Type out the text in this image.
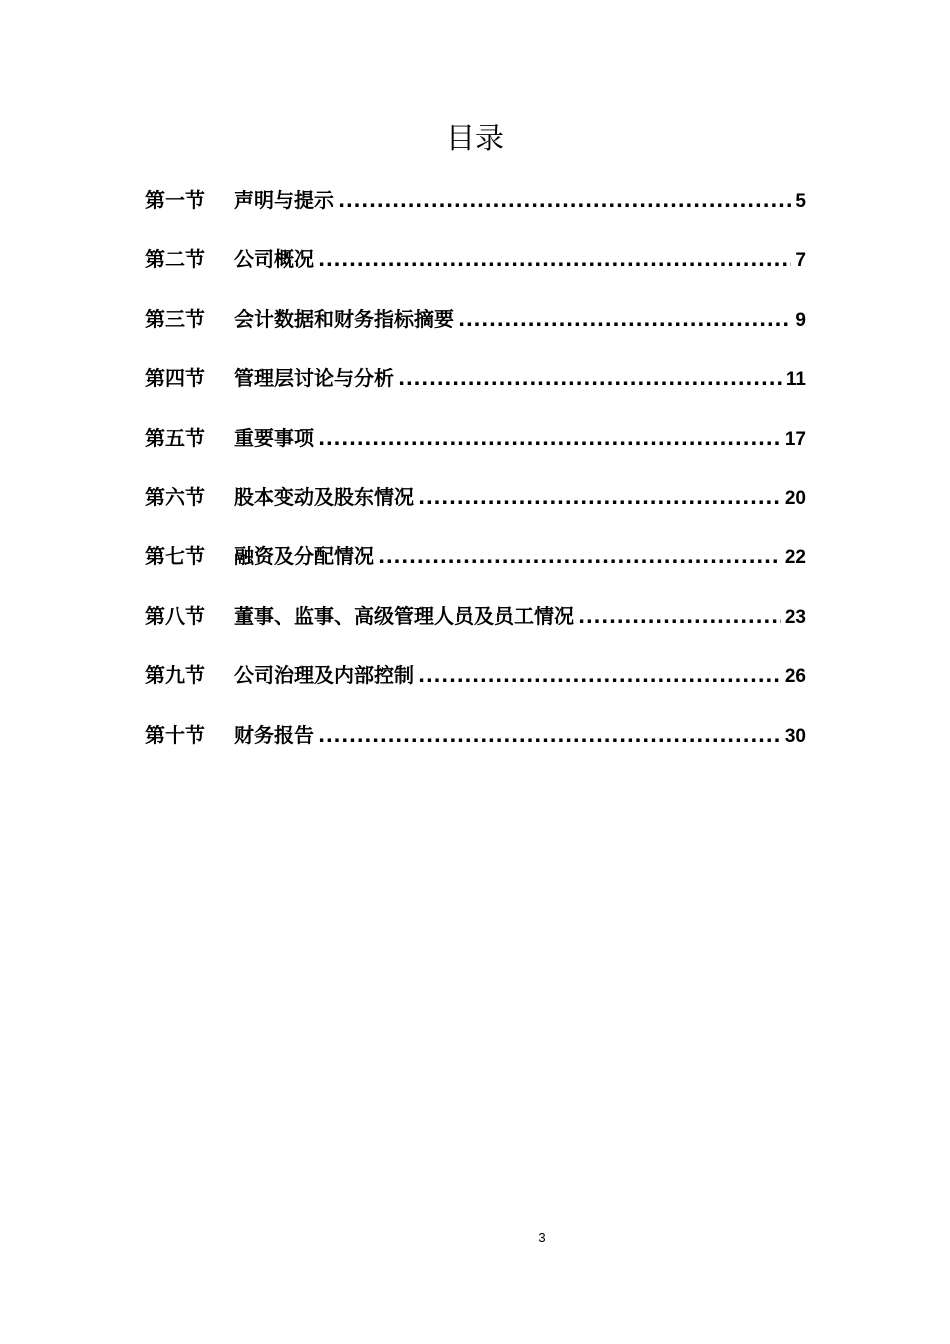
目录
第一节	声明与提示 .....	5
第二节	公司概况 .....	7
第三节	会计数据和财务指标摘要 .....	9
第四节	管理层讨论与分析 .....	11
第五节	重要事项 .....	17
第六节	股本变动及股东情况 .....	20
第七节	融资及分配情况 .....	22
第八节	董事、监事、高级管理人员及员工情况 .....	23
第九节	公司治理及内部控制 .....	26
第十节	财务报告 .....	30
3
